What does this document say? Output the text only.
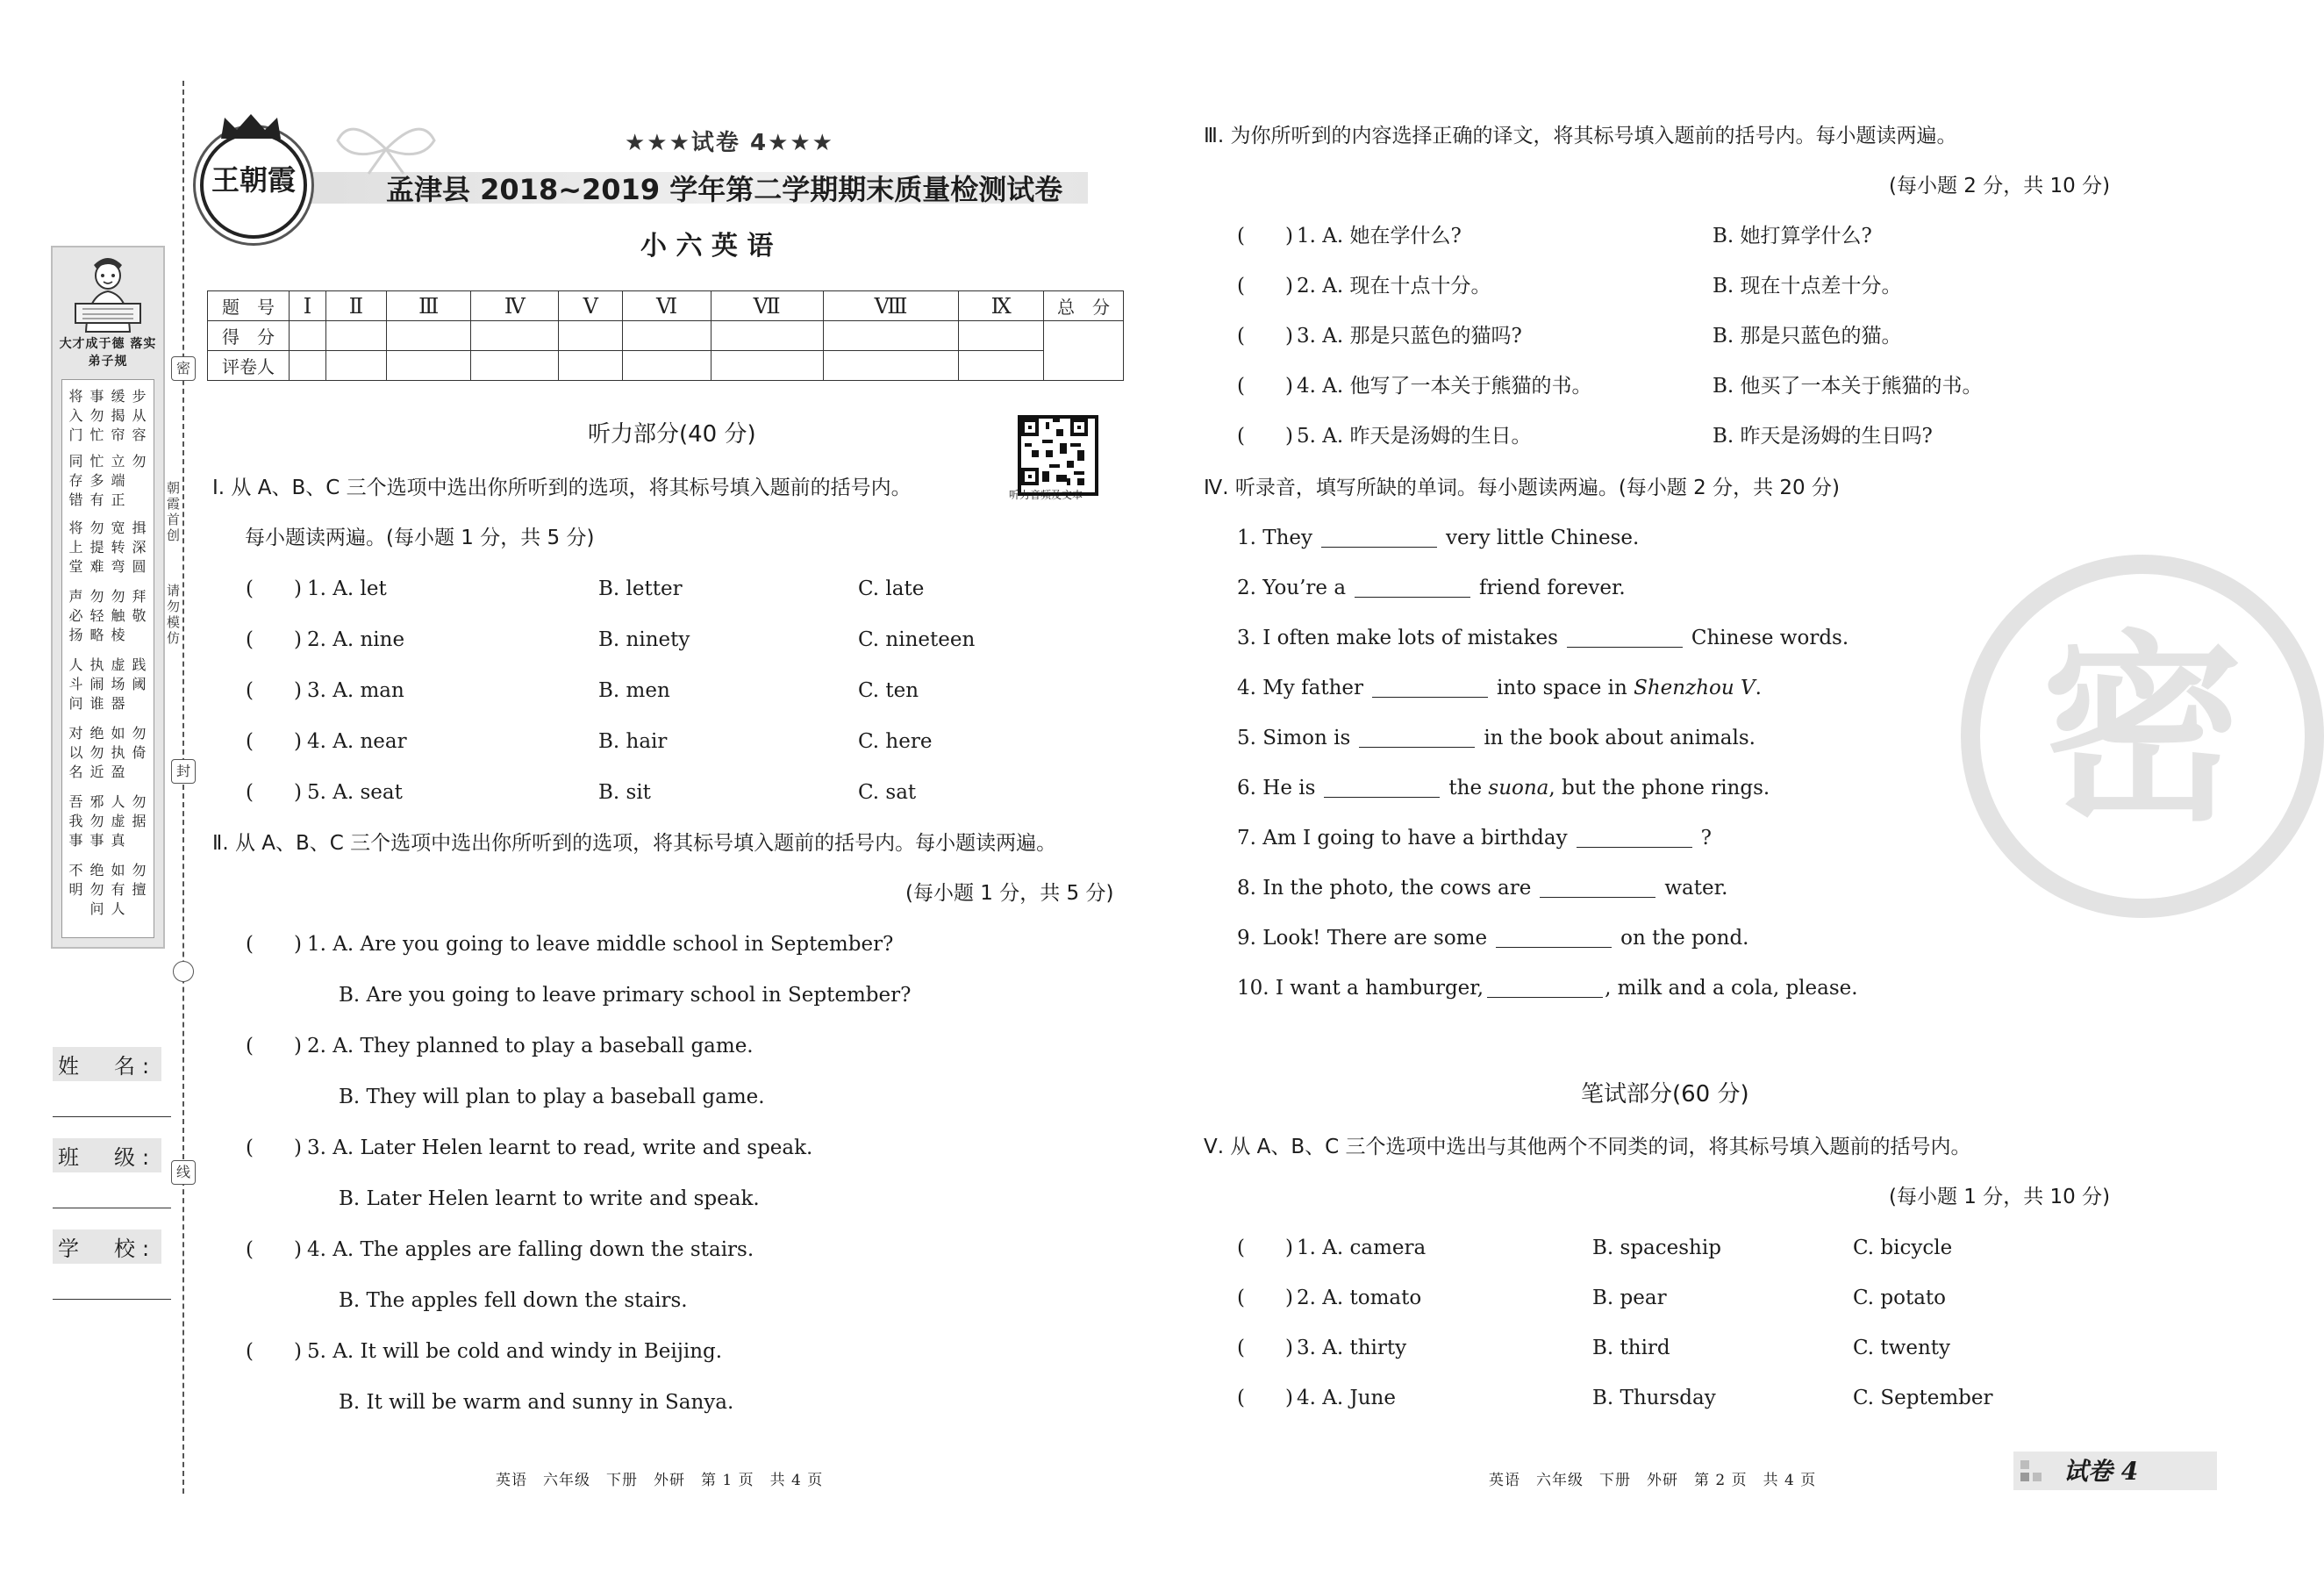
密
封
线
朝霞首创
请勿模仿
大才成于德 落实弟子规
步从容
缓揭帘
事勿忙
将入门
勿
立端正
忙多有
同存错
揖深圆
宽转弯
勿提难
将上堂
拜敬
勿触棱
勿轻略
声必扬
践阈
虚场器
执闹谁
人斗问
勿倚
如执盈
绝勿近
对以名
勿据
人虚真
邪勿事
吾我事
勿擅
如有人
绝勿问
不明
姓　名:
班　级:
学　校:
王朝霞
★★★试卷 4★★★
孟津县 2018~2019 学年第二学期期末质量检测试卷
小 六 英 语
题　号	Ⅰ	Ⅱ	Ⅲ	Ⅳ	Ⅴ	Ⅵ	Ⅶ	Ⅷ	Ⅸ	总　分
得　分										
评卷人										
听力部分(40 分)
听力音频及文本
Ⅰ. 从 A、B、C 三个选项中选出你所听到的选项，将其标号填入题前的括号内。
每小题读两遍。(每小题 1 分，共 5 分)
(　　) 1. A. let	B. letter	C. late
(　　) 2. A. nine	B. ninety	C. nineteen
(　　) 3. A. man	B. men	C. ten
(　　) 4. A. near	B. hair	C. here
(　　) 5. A. seat	B. sit	C. sat
Ⅱ. 从 A、B、C 三个选项中选出你所听到的选项，将其标号填入题前的括号内。每小题读两遍。
(每小题 1 分，共 5 分)
(　　) 1. A. Are you going to leave middle school in September?
B. Are you going to leave primary school in September?
(　　) 2. A. They planned to play a baseball game.
B. They will plan to play a baseball game.
(　　) 3. A. Later Helen learnt to read, write and speak.
B. Later Helen learnt to write and speak.
(　　) 4. A. The apples are falling down the stairs.
B. The apples fell down the stairs.
(　　) 5. A. It will be cold and windy in Beijing.
B. It will be warm and sunny in Sanya.
英语　六年级　下册　外研　第 1 页　共 4 页
密
Ⅲ. 为你所听到的内容选择正确的译文，将其标号填入题前的括号内。每小题读两遍。
(每小题 2 分，共 10 分)
(　　) 1. A. 她在学什么?	B. 她打算学什么?
(　　) 2. A. 现在十点十分。	B. 现在十点差十分。
(　　) 3. A. 那是只蓝色的猫吗?	B. 那是只蓝色的猫。
(　　) 4. A. 他写了一本关于熊猫的书。	B. 他买了一本关于熊猫的书。
(　　) 5. A. 昨天是汤姆的生日。	B. 昨天是汤姆的生日吗?
Ⅳ. 听录音，填写所缺的单词。每小题读两遍。(每小题 2 分，共 20 分)
1. They	very little Chinese.
2. You’re a	friend forever.
3. I often make lots of mistakes	Chinese words.
4. My father	into space in Shenzhou V.
5. Simon is	in the book about animals.
6. He is	the suona, but the phone rings.
7. Am I going to have a birthday	?
8. In the photo, the cows are	water.
9. Look! There are some	on the pond.
10. I want a hamburger,	, milk and a cola, please.
笔试部分(60 分)
Ⅴ. 从 A、B、C 三个选项中选出与其他两个不同类的词，将其标号填入题前的括号内。
(每小题 1 分，共 10 分)
(　　) 1. A. camera	B. spaceship	C. bicycle
(　　) 2. A. tomato	B. pear	C. potato
(　　) 3. A. thirty	B. third	C. twenty
(　　) 4. A. June	B. Thursday	C. September
英语　六年级　下册　外研　第 2 页　共 4 页	试卷 4
